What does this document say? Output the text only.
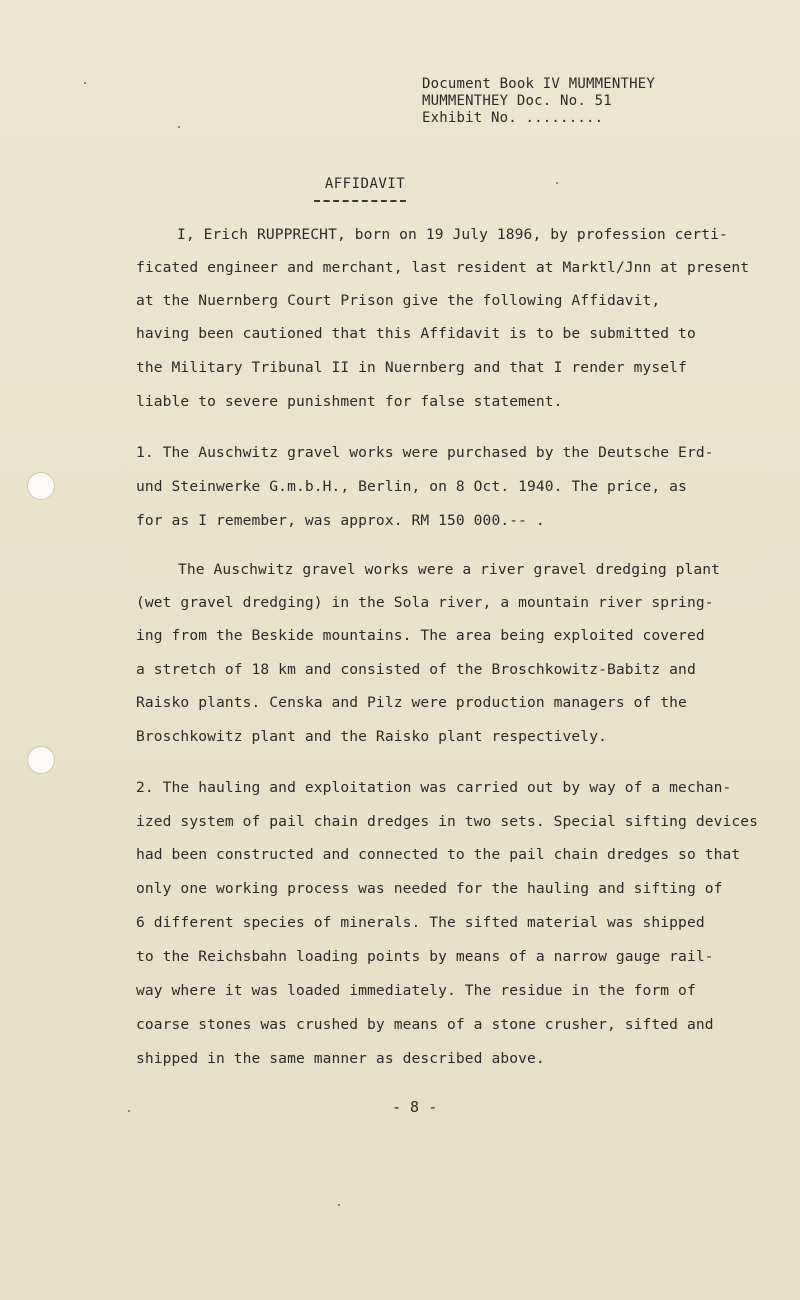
Document Book IV MUMMENTHEY
MUMMENTHEY Doc. No. 51
Exhibit No. .........
AFFIDAVIT
I, Erich RUPPRECHT, born on 19 July 1896, by profession certi-
ficated engineer and merchant, last resident at Marktl/Jnn at present
at the Nuernberg Court Prison give the following Affidavit,
having been cautioned that this Affidavit is to be submitted to
the Military Tribunal II in Nuernberg and that I render myself
liable to severe punishment for false statement.
1. The Auschwitz gravel works were purchased by the Deutsche Erd-
und Steinwerke G.m.b.H., Berlin, on 8 Oct. 1940. The price, as
for as I remember, was approx. RM 150 000.-- .
The Auschwitz gravel works were a river gravel dredging plant
(wet gravel dredging) in the Sola river, a mountain river spring-
ing from the Beskide mountains. The area being exploited covered
a stretch of 18 km and consisted of the Broschkowitz-Babitz and
Raisko plants. Censka and Pilz were production managers of the
Broschkowitz plant and the Raisko plant respectively.
2. The hauling and exploitation was carried out by way of a mechan-
ized system of pail chain dredges in two sets. Special sifting devices
had been constructed and connected to the pail chain dredges so that
only one working process was needed for the hauling and sifting of
6 different species of minerals. The sifted material was shipped
to the Reichsbahn loading points by means of a narrow gauge rail-
way where it was loaded immediately. The residue in the form of
coarse stones was crushed by means of a stone crusher, sifted and
shipped in the same manner as described above.
- 8 -
